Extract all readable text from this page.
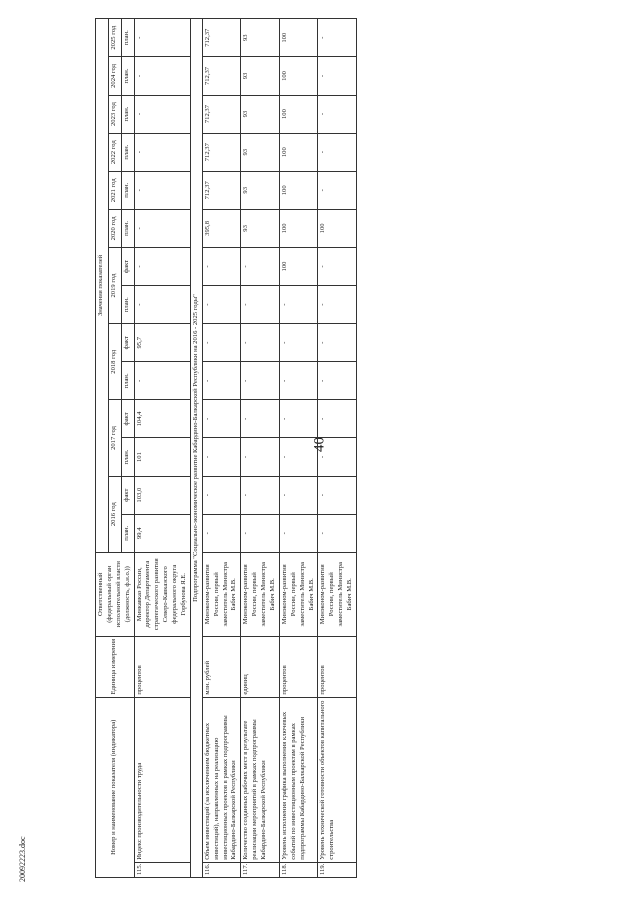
40
20092223.doc
Номер и наименование показателя (индикатора)		Единица измерения	Ответственный (федеральный орган исполнительной власти (должность, ф.и.о.))	Значения показателей													
				2016 год		2017 год		2018 год		2019 год		2020 год	2021 год	2022 год	2023 год	2024 год	2025 год
				план.	факт	план.	факт	план.	факт	план.	факт	план.	план.	план.	план.	план.	план.
115.	Индекс производительности труда	процентов	Минкавказ России, директор Департамента стратегического развития Северо-Кавказского федерального округа Горбунова Я.Е.	99,4	103,0	101	104,4	-	95,7	-	-	-	-	-	-	-	-
Подпрограмма "Социально-экономическое развитие Кабардино-Балкарской Республики на 2016 - 2025 годы"																	
116.	Объем инвестиций (за исключением бюджетных инвестиций), направленных на реализацию инвестиционных проектов в рамках подпрограммы Кабардино-Балкарской Республики	млн. рублей	Минэконом-развития России, первый заместитель Министра Бабич М.В.	-	-	-	-	-	-	-	-	395,8	712,37	712,37	712,37	712,37	712,37
117.	Количество созданных рабочих мест в результате реализации мероприятий в рамках подпрограммы Кабардино-Балкарской Республики	единиц	Минэконом-развития России, первый заместитель Министра Бабич М.В.	-	-	-	-	-	-	-	-	93	93	93	93	93	93
118.	Уровень исполнения графика выполнения ключевых событий по инвестиционным проектам в рамках подпрограммы Кабардино-Балкарской Республики	процентов	Минэконом-развития России, первый заместитель Министра Бабич М.В.	-	-	-	-	-	-	-	100	100	100	100	100	100	100
119.	Уровень технической готовности объектов капитального строительства	процентов	Минэконом-развития России, первый заместитель Министра Бабич М.В.	-	-	-	-	-	-	-	-	100	-	-	-	-	-
